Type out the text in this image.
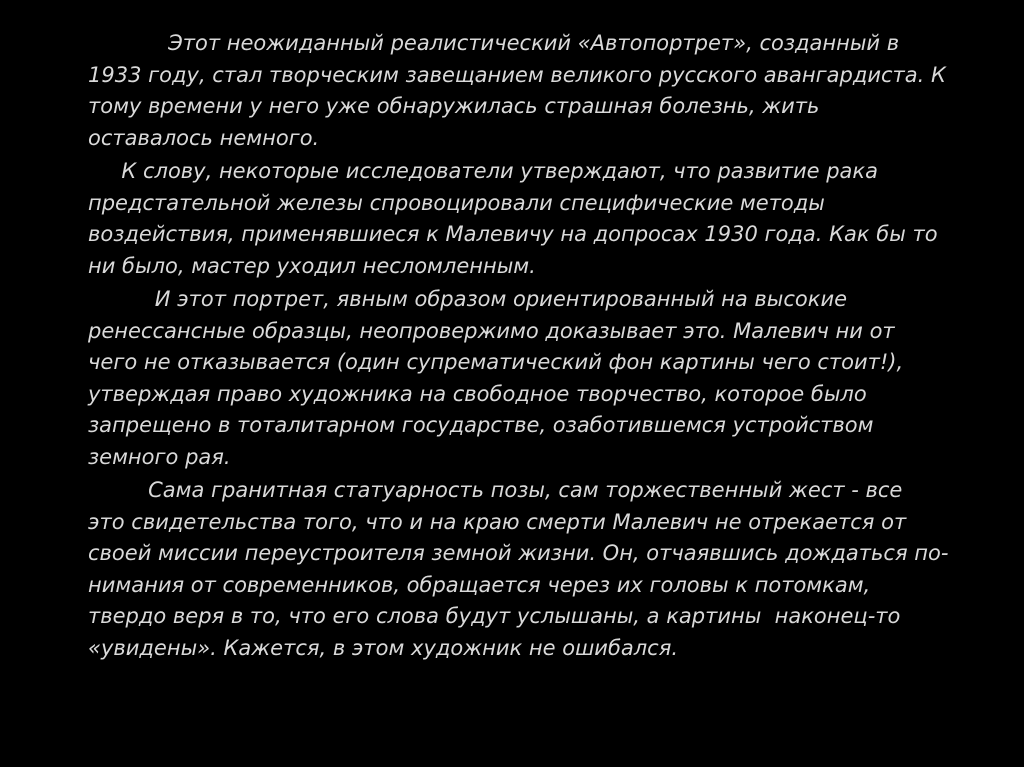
Этот неожиданный реалистический «Автопортрет», созданный в
1933 году, стал творческим завещанием великого русского авангардиста. К
тому времени у него уже обнаружилась страшная болезнь, жить
оставалось немного.
К слову, некоторые исследователи утверждают, что развитие рака
предстательной железы спровоцировали специфические методы
воздействия, применявшиеся к Малевичу на допросах 1930 года. Как бы то
ни было, мастер уходил несломленным.
И этот портрет, явным образом ориентированный на высокие
ренессансные образцы, неопровержимо доказывает это. Малевич ни от
чего не отказывается (один супрематический фон картины чего стоит!),
утверждая право художника на свободное творчество, которое было
запрещено в тоталитарном государстве, озаботившемся устройством
земного рая.
Сама гранитная статуарность позы, сам торжественный жест - все
это свидетельства того, что и на краю смерти Малевич не отрекается от
своей миссии переустроителя земной жизни. Он, отчаявшись дождаться по-
нимания от современников, обращается через их головы к потомкам,
твердо веря в то, что его слова будут услышаны, а картины  наконец-то
«увидены». Кажется, в этом художник не ошибался.
